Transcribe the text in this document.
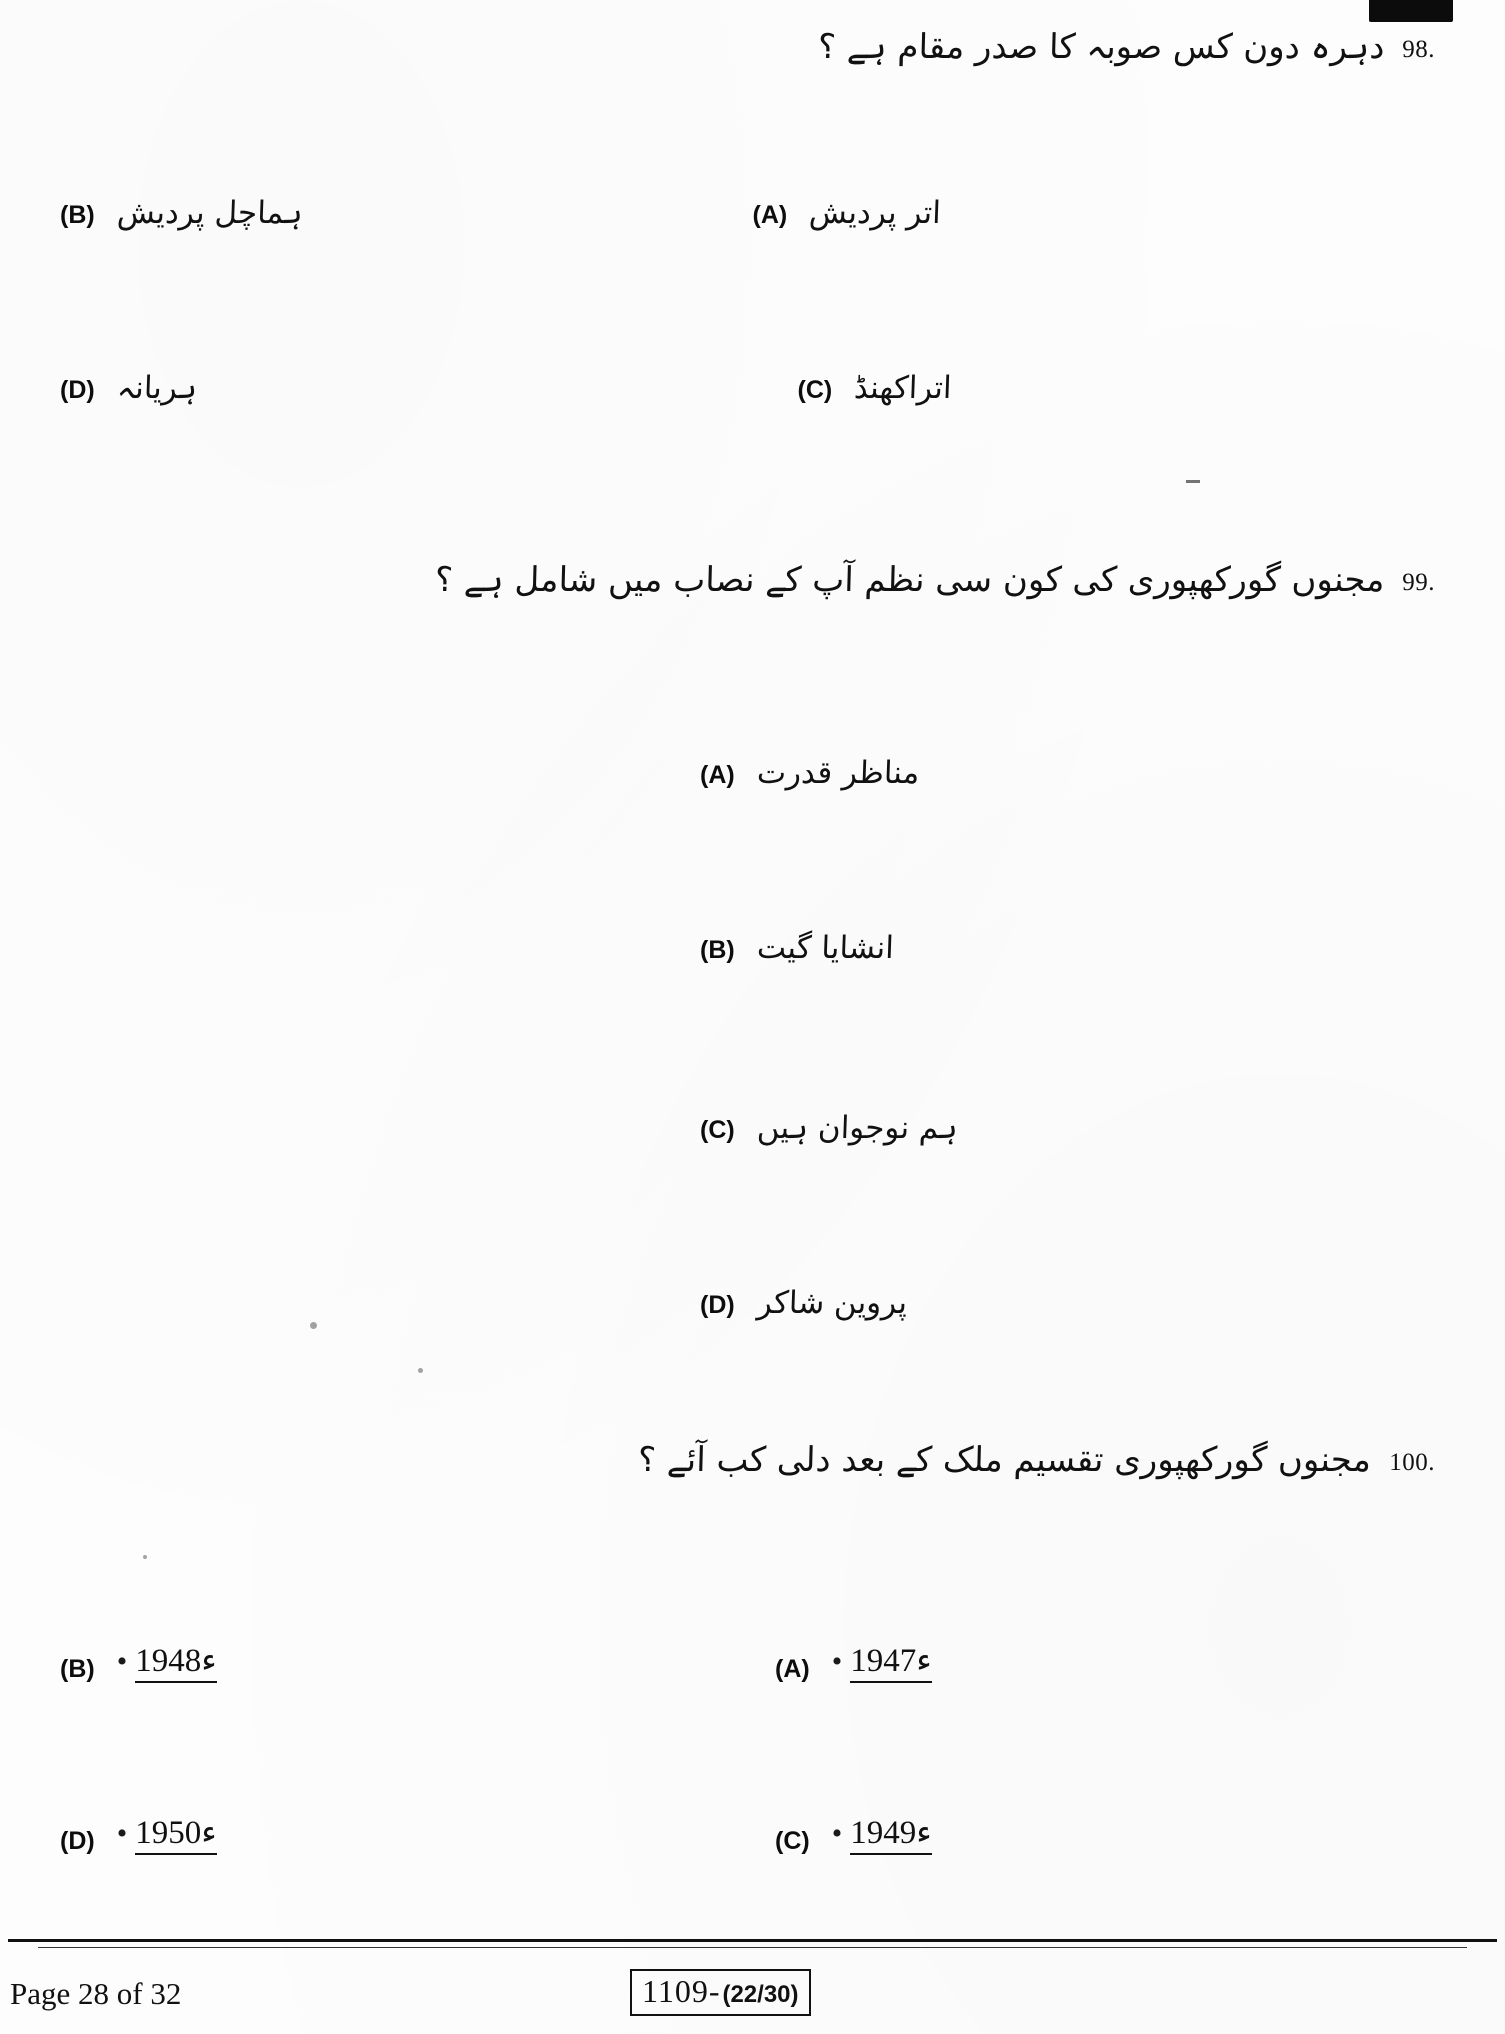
98.
دہرہ دون کس صوبہ کا صدر مقام ہے ؟
(A) اتر پردیش
(B) ہماچل پردیش
(C) اتراکھنڈ
(D) ہریانہ
99.
مجنوں گورکھپوری کی کون سی نظم آپ کے نصاب میں شامل ہے ؟
(A) مناظر قدرت
(B) انشایا گیت
(C) ہم نوجوان ہیں
(D) پروین شاکر
100.
مجنوں گورکھپوری تقسیم ملک کے بعد دلی کب آئے ؟
(A) • 1947ء
(B) • 1948ء
(C) • 1949ء
(D) • 1950ء
Page 28 of 32	1109- (22/30)
